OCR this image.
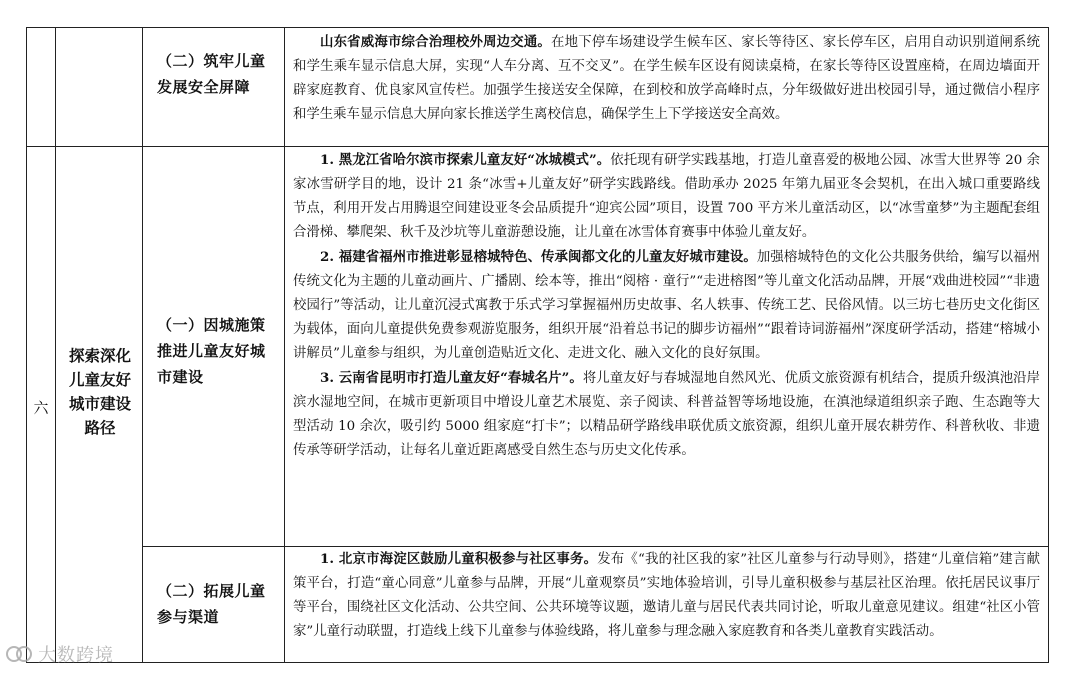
（二）筑牢儿童发展安全屏障

山东省威海市综合治理校外周边交通。在地下停车场建设学生候车区、家长等待区、家长停车区，启用自动识别道闸系统和学生乘车显示信息大屏，实现“人车分离、互不交叉”。在学生候车区设有阅读桌椅，在家长等待区设置座椅，在周边墙面开辟家庭教育、优良家风宣传栏。加强学生接送安全保障，在到校和放学高峰时点，分年级做好进出校园引导，通过微信小程序和学生乘车显示信息大屏向家长推送学生离校信息，确保学生上下学接送安全高效。

六
探索深化儿童友好城市建设路径
（一）因城施策推进儿童友好城市建设

1. 黑龙江省哈尔滨市探索儿童友好“冰城模式”。依托现有研学实践基地，打造儿童喜爱的极地公园、冰雪大世界等 20 余家冰雪研学目的地，设计 21 条“冰雪+儿童友好”研学实践路线。借助承办 2025 年第九届亚冬会契机，在出入城口重要路线节点，利用开发占用腾退空间建设亚冬会品质提升“迎宾公园”项目，设置 700 平方米儿童活动区，以“冰雪童梦”为主题配套组合滑梯、攀爬架、秋千及沙坑等儿童游憩设施，让儿童在冰雪体育赛事中体验儿童友好。

2. 福建省福州市推进彰显榕城特色、传承闽都文化的儿童友好城市建设。加强榕城特色的文化公共服务供给，编写以福州传统文化为主题的儿童动画片、广播剧、绘本等，推出“阅榕 · 童行”“走进榕图”等儿童文化活动品牌，开展“戏曲进校园”“非遗校园行”等活动，让儿童沉浸式寓教于乐式学习掌握福州历史故事、名人轶事、传统工艺、民俗风情。以三坊七巷历史文化街区为载体，面向儿童提供免费参观游览服务，组织开展“沿着总书记的脚步访福州”“跟着诗词游福州”深度研学活动，搭建“榕城小讲解员”儿童参与组织，为儿童创造贴近文化、走进文化、融入文化的良好氛围。

3. 云南省昆明市打造儿童友好“春城名片”。将儿童友好与春城湿地自然风光、优质文旅资源有机结合，提质升级滇池沿岸滨水湿地空间，在城市更新项目中增设儿童艺术展览、亲子阅读、科普益智等场地设施，在滇池绿道组织亲子跑、生态跑等大型活动 10 余次，吸引约 5000 组家庭“打卡”；以精品研学路线串联优质文旅资源，组织儿童开展农耕劳作、科普秋收、非遗传承等研学活动，让每名儿童近距离感受自然生态与历史文化传承。

（二）拓展儿童参与渠道

1. 北京市海淀区鼓励儿童积极参与社区事务。发布《“我的社区我的家”社区儿童参与行动导则》，搭建“儿童信箱”建言献策平台，打造“童心同意”儿童参与品牌，开展“儿童观察员”实地体验培训，引导儿童积极参与基层社区治理。依托居民议事厅等平台，围绕社区文化活动、公共空间、公共环境等议题，邀请儿童与居民代表共同讨论，听取儿童意见建议。组建“社区小管家”儿童行动联盟，打造线上线下儿童参与体验线路，将儿童参与理念融入家庭教育和各类儿童教育实践活动。

大数跨境
